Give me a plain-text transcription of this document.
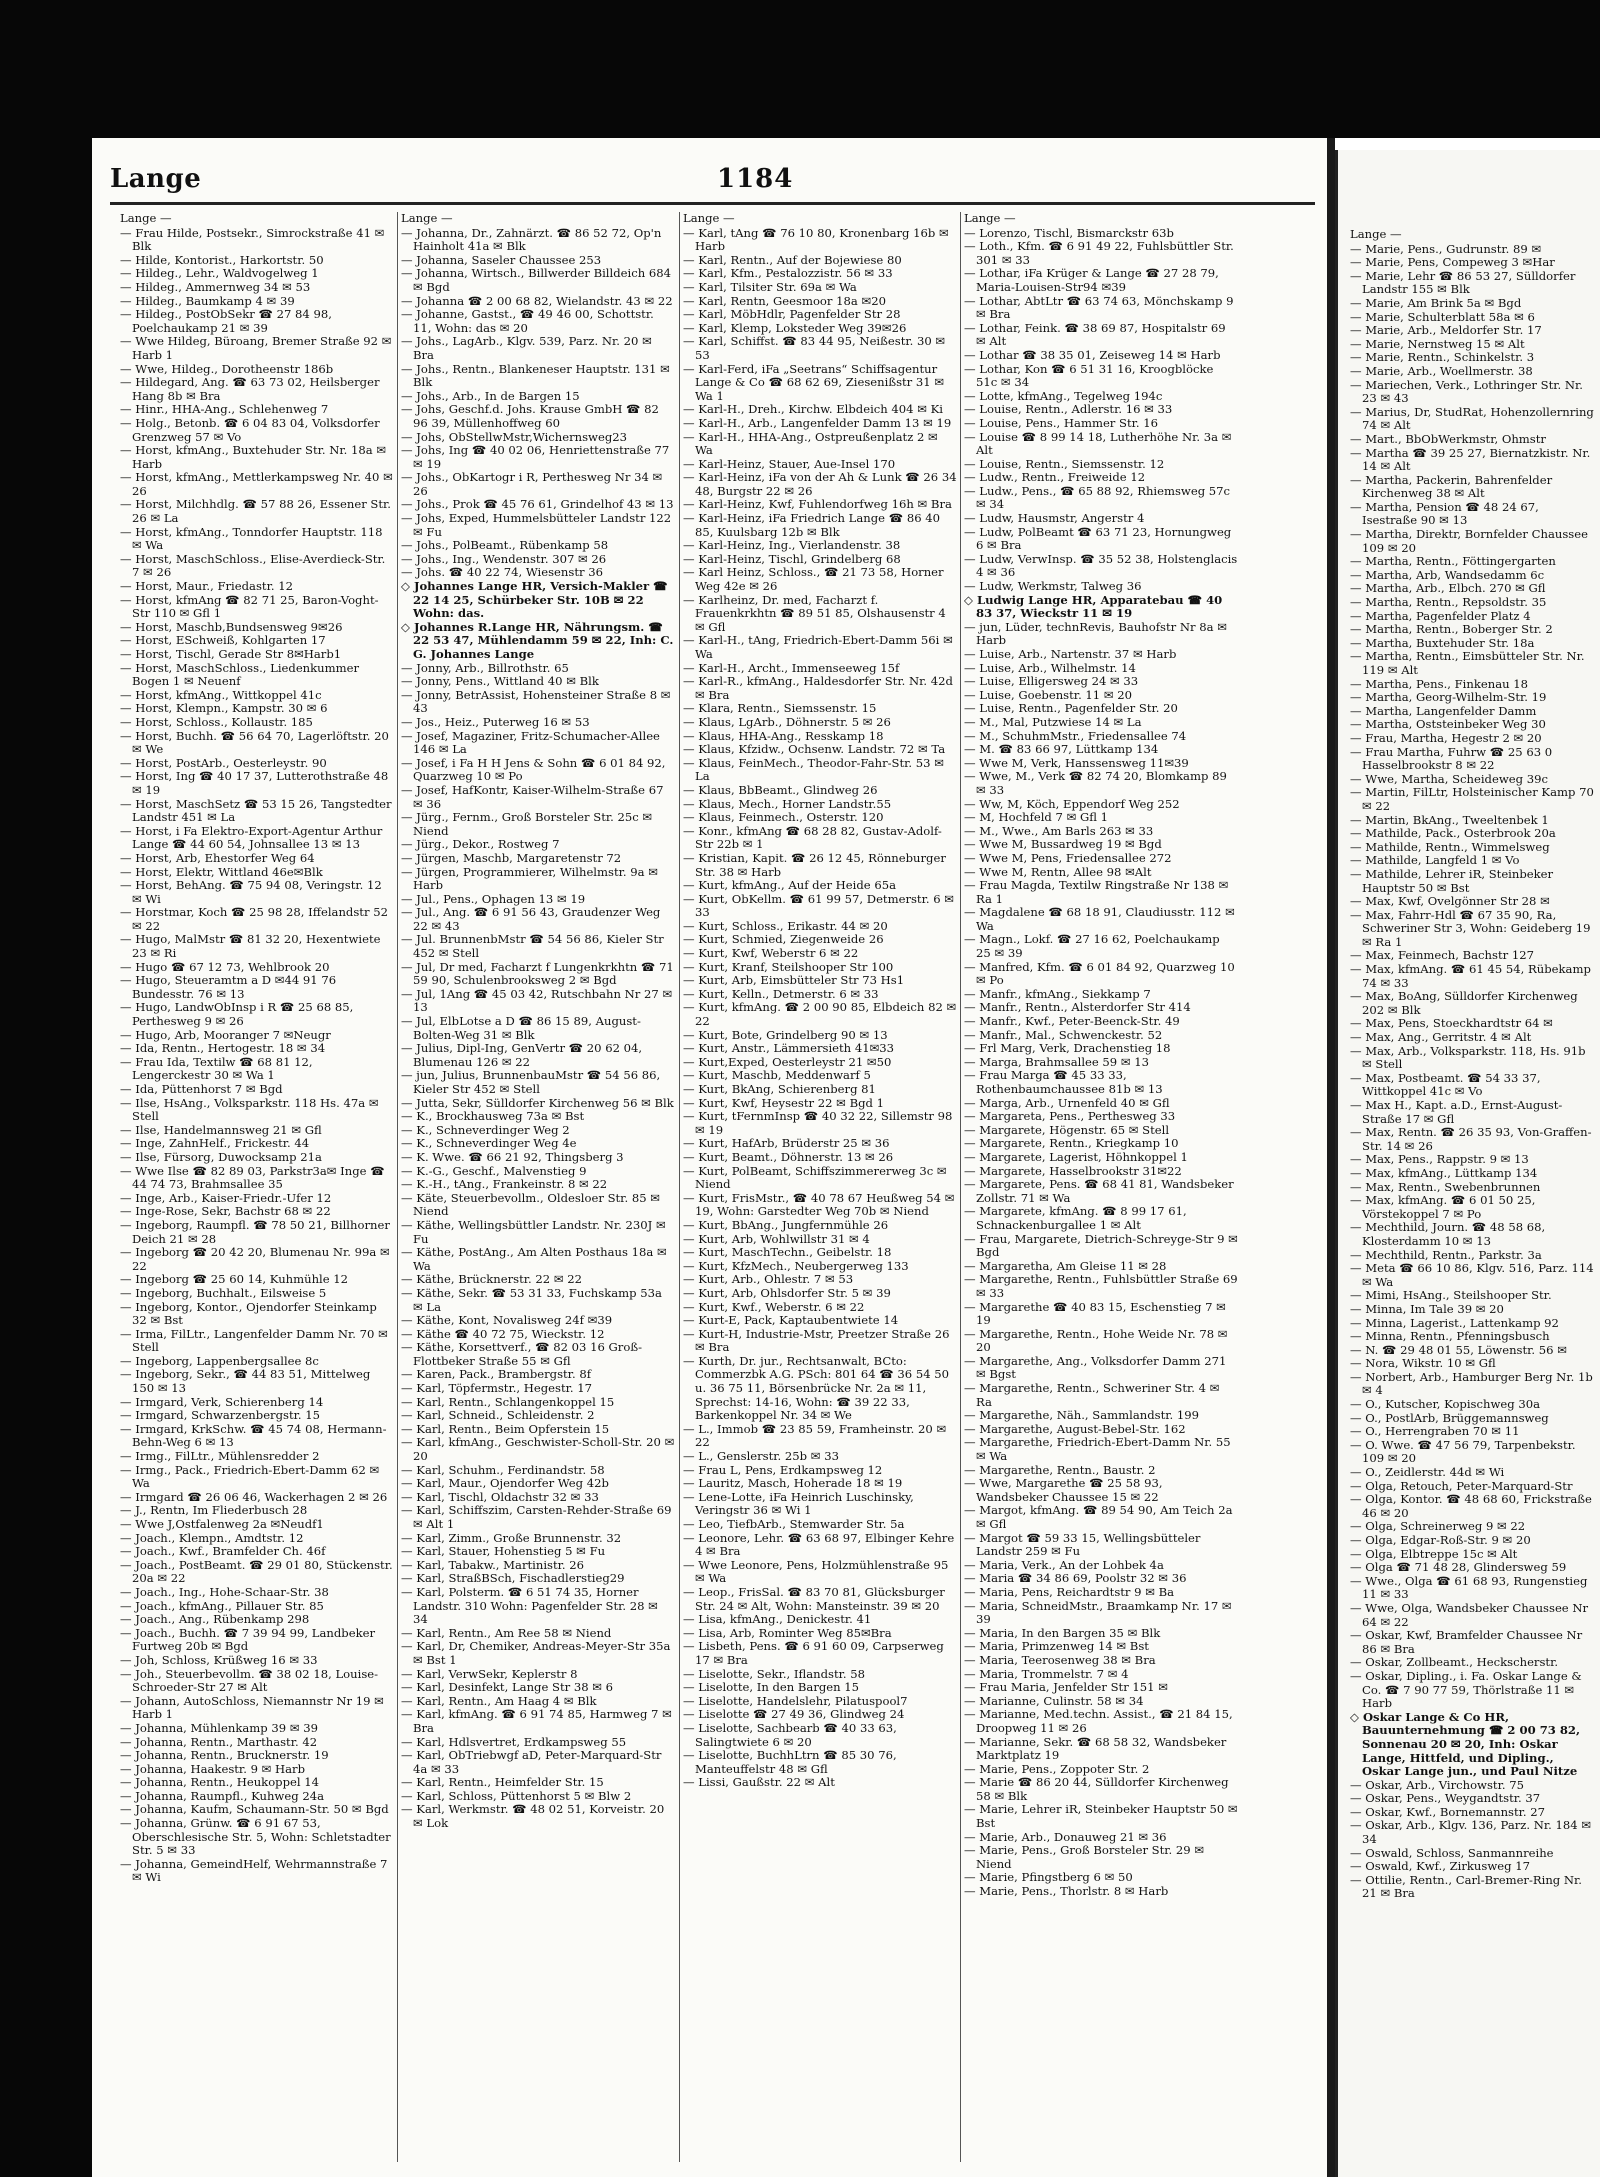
Lange	1184
Lange —

— Frau Hilde, Postsekr., Simrockstraße 41 ✉ Blk

— Hilde, Kontorist., Harkortstr. 50

— Hildeg., Lehr., Waldvogelweg 1

— Hildeg., Ammernweg 34 ✉ 53

— Hildeg., Baumkamp 4 ✉ 39

— Hildeg., PostObSekr ☎ 27 84 98, Poelchaukamp 21 ✉ 39

— Wwe Hildeg, Büroang, Bremer Straße 92 ✉ Harb 1

— Wwe, Hildeg., Dorotheenstr 186b

— Hildegard, Ang. ☎ 63 73 02, Heilsberger Hang 8b ✉ Bra

— Hinr., HHA-Ang., Schlehenweg 7

— Holg., Betonb. ☎ 6 04 83 04, Volksdorfer Grenzweg 57 ✉ Vo

— Horst, kfmAng., Buxtehuder Str. Nr. 18a ✉ Harb

— Horst, kfmAng., Mettlerkampsweg Nr. 40 ✉ 26

— Horst, Milchhdlg. ☎ 57 88 26, Essener Str. 26 ✉ La

— Horst, kfmAng., Tonndorfer Hauptstr. 118 ✉ Wa

— Horst, MaschSchloss., Elise-Averdieck-Str. 7 ✉ 26

— Horst, Maur., Friedastr. 12

— Horst, kfmAng ☎ 82 71 25, Baron-Voght-Str 110 ✉ Gfl 1

— Horst, Maschb,Bundsensweg 9✉26

— Horst, ESchweiß, Kohlgarten 17

— Horst, Tischl, Gerade Str 8✉Harb1

— Horst, MaschSchloss., Liedenkummer Bogen 1 ✉ Neuenf

— Horst, kfmAng., Wittkoppel 41c

— Horst, Klempn., Kampstr. 30 ✉ 6

— Horst, Schloss., Kollaustr. 185

— Horst, Buchh. ☎ 56 64 70, Lagerlöftstr. 20 ✉ We

— Horst, PostArb., Oesterleystr. 90

— Horst, Ing ☎ 40 17 37, Lutterothstraße 48 ✉ 19

— Horst, MaschSetz ☎ 53 15 26, Tangstedter Landstr 451 ✉ La

— Horst, i Fa Elektro-Export-Agentur Arthur Lange ☎ 44 60 54, Johnsallee 13 ✉ 13

— Horst, Arb, Ehestorfer Weg 64

— Horst, Elektr, Wittland 46e✉Blk

— Horst, BehAng. ☎ 75 94 08, Veringstr. 12 ✉ Wi

— Horstmar, Koch ☎ 25 98 28, Iffelandstr 52 ✉ 22

— Hugo, MalMstr ☎ 81 32 20, Hexentwiete 23 ✉ Ri

— Hugo ☎ 67 12 73, Wehlbrook 20

— Hugo, Steueramtm a D ✉44 91 76 Bundesstr. 76 ✉ 13

— Hugo, LandwObInsp i R ☎ 25 68 85, Perthesweg 9 ✉ 26

— Hugo, Arb, Mooranger 7 ✉Neugr

— Ida, Rentn., Hertogestr. 18 ✉ 34

— Frau Ida, Textilw ☎ 68 81 12, Lengerckestr 30 ✉ Wa 1

— Ida, Püttenhorst 7 ✉ Bgd

— Ilse, HsAng., Volksparkstr. 118 Hs. 47a ✉ Stell

— Ilse, Handelmannsweg 21 ✉ Gfl

— Inge, ZahnHelf., Frickestr. 44

— Ilse, Fürsorg, Duwocksamp 21a

— Wwe Ilse ☎ 82 89 03, Parkstr3a✉ Inge ☎ 44 74 73, Brahmsallee 35

— Inge, Arb., Kaiser-Friedr.-Ufer 12

— Inge-Rose, Sekr, Bachstr 68 ✉ 22

— Ingeborg, Raumpfl. ☎ 78 50 21, Billhorner Deich 21 ✉ 28

— Ingeborg ☎ 20 42 20, Blumenau Nr. 99a ✉ 22

— Ingeborg ☎ 25 60 14, Kuhmühle 12

— Ingeborg, Buchhalt., Eilsweise 5

— Ingeborg, Kontor., Ojendorfer Steinkamp 32 ✉ Bst

— Irma, FilLtr., Langenfelder Damm Nr. 70 ✉ Stell

— Ingeborg, Lappenbergsallee 8c

— Ingeborg, Sekr., ☎ 44 83 51, Mittelweg 150 ✉ 13

— Irmgard, Verk, Schierenberg 14

— Irmgard, Schwarzenbergstr. 15

— Irmgard, KrkSchw. ☎ 45 74 08, Hermann-Behn-Weg 6 ✉ 13

— Irmg., FilLtr., Mühlensredder 2

— Irmg., Pack., Friedrich-Ebert-Damm 62 ✉ Wa

— Irmgard ☎ 26 06 46, Wackerhagen 2 ✉ 26

— J., Rentn, Im Fliederbusch 28

— Wwe J,Ostfalenweg 2a ✉Neudf1

— Joach., Klempn., Amdtstr. 12

— Joach., Kwf., Bramfelder Ch. 46f

— Joach., PostBeamt. ☎ 29 01 80, Stückenstr. 20a ✉ 22

— Joach., Ing., Hohe-Schaar-Str. 38

— Joach., kfmAng., Pillauer Str. 85

— Joach., Ang., Rübenkamp 298

— Joach., Buchh. ☎ 7 39 94 99, Landbeker Furtweg 20b ✉ Bgd

— Joh, Schloss, Krüßweg 16 ✉ 33

— Joh., Steuerbevollm. ☎ 38 02 18, Louise-Schroeder-Str 27 ✉ Alt

— Johann, AutoSchloss, Niemannstr Nr 19 ✉ Harb 1

— Johanna, Mühlenkamp 39 ✉ 39

— Johanna, Rentn., Marthastr. 42

— Johanna, Rentn., Brucknerstr. 19

— Johanna, Haakestr. 9 ✉ Harb

— Johanna, Rentn., Heukoppel 14

— Johanna, Raumpfl., Kuhweg 24a

— Johanna, Kaufm, Schaumann-Str. 50 ✉ Bgd

— Johanna, Grünw. ☎ 6 91 67 53, Oberschlesische Str. 5, Wohn: Schletstadter Str. 5 ✉ 33

— Johanna, GemeindHelf, Wehrmannstraße 7 ✉ Wi

Lange —

— Johanna, Dr., Zahnärzt. ☎ 86 52 72, Op'n Hainholt 41a ✉ Blk

— Johanna, Saseler Chaussee 253

— Johanna, Wirtsch., Billwerder Billdeich 684 ✉ Bgd

— Johanna ☎ 2 00 68 82, Wielandstr. 43 ✉ 22

— Johanne, Gastst., ☎ 49 46 00, Schottstr. 11, Wohn: das ✉ 20

— Johs., LagArb., Klgv. 539, Parz. Nr. 20 ✉ Bra

— Johs., Rentn., Blankeneser Hauptstr. 131 ✉ Blk

— Johs., Arb., In de Bargen 15

— Johs, Geschf.d. Johs. Krause GmbH ☎ 82 96 39, Müllenhoffweg 60

— Johs, ObStellwMstr,Wichernsweg23

— Johs, Ing ☎ 40 02 06, Henriettenstraße 77 ✉ 19

— Johs., ObKartogr i R, Perthesweg Nr 34 ✉ 26

— Johs., Prok ☎ 45 76 61, Grindelhof 43 ✉ 13

— Johs, Exped, Hummelsbütteler Landstr 122 ✉ Fu

— Johs., PolBeamt., Rübenkamp 58

— Johs., Ing., Wendenstr. 307 ✉ 26

— Johs. ☎ 40 22 74, Wiesenstr 36

◇ Johannes Lange HR, Versich-Makler ☎ 22 14 25, Schürbeker Str. 10B ✉ 22 Wohn: das.

◇ Johannes R.Lange HR, Nährungsm. ☎ 22 53 47, Mühlendamm 59 ✉ 22, Inh: C. G. Johannes Lange

— Jonny, Arb., Billrothstr. 65

— Jonny, Pens., Wittland 40 ✉ Blk

— Jonny, BetrAssist, Hohensteiner Straße 8 ✉ 43

— Jos., Heiz., Puterweg 16 ✉ 53

— Josef, Magaziner, Fritz-Schumacher-Allee 146 ✉ La

— Josef, i Fa H H Jens & Sohn ☎ 6 01 84 92, Quarzweg 10 ✉ Po

— Josef, HafKontr, Kaiser-Wilhelm-Straße 67 ✉ 36

— Jürg., Fernm., Groß Borsteler Str. 25c ✉ Niend

— Jürg., Dekor., Rostweg 7

— Jürgen, Maschb, Margaretenstr 72

— Jürgen, Programmierer, Wilhelmstr. 9a ✉ Harb

— Jul., Pens., Ophagen 13 ✉ 19

— Jul., Ang. ☎ 6 91 56 43, Graudenzer Weg 22 ✉ 43

— Jul. BrunnenbMstr ☎ 54 56 86, Kieler Str 452 ✉ Stell

— Jul, Dr med, Facharzt f Lungenkrkhtn ☎ 71 59 90, Schulenbrooksweg 2 ✉ Bgd

— Jul, 1Ang ☎ 45 03 42, Rutschbahn Nr 27 ✉ 13

— Jul, ElbLotse a D ☎ 86 15 89, August-Bolten-Weg 31 ✉ Blk

— Julius, Dipl-Ing, GenVertr ☎ 20 62 04, Blumenau 126 ✉ 22

— jun, Julius, BrunnenbauMstr ☎ 54 56 86, Kieler Str 452 ✉ Stell

— Jutta, Sekr, Sülldorfer Kirchenweg 56 ✉ Blk

— K., Brockhausweg 73a ✉ Bst

— K., Schneverdinger Weg 2

— K., Schneverdinger Weg 4e

— K. Wwe. ☎ 66 21 92, Thingsberg 3

— K.-G., Geschf., Malvenstieg 9

— K.-H., tAng., Frankeinstr. 8 ✉ 22

— Käte, Steuerbevollm., Oldesloer Str. 85 ✉ Niend

— Käthe, Wellingsbüttler Landstr. Nr. 230J ✉ Fu

— Käthe, PostAng., Am Alten Posthaus 18a ✉ Wa

— Käthe, Brücknerstr. 22 ✉ 22

— Käthe, Sekr. ☎ 53 31 33, Fuchskamp 53a ✉ La

— Käthe, Kont, Novalisweg 24f ✉39

— Käthe ☎ 40 72 75, Wieckstr. 12

— Käthe, Korsettverf., ☎ 82 03 16 Groß-Flottbeker Straße 55 ✉ Gfl

— Karen, Pack., Brambergstr. 8f

— Karl, Töpfermstr., Hegestr. 17

— Karl, Rentn., Schlangenkoppel 15

— Karl, Schneid., Schleidenstr. 2

— Karl, Rentn., Beim Opferstein 15

— Karl, kfmAng., Geschwister-Scholl-Str. 20 ✉ 20

— Karl, Schuhm., Ferdinandstr. 58

— Karl, Maur., Ojendorfer Weg 42b

— Karl, Tischl, Oldachstr 32 ✉ 33

— Karl, Schiffszim, Carsten-Rehder-Straße 69 ✉ Alt 1

— Karl, Zimm., Große Brunnenstr. 32

— Karl, Stauer, Hohenstieg 5 ✉ Fu

— Karl, Tabakw., Martinistr. 26

— Karl, StraßBSch, Fischadlerstieg29

— Karl, Polsterm. ☎ 6 51 74 35, Horner Landstr. 310 Wohn: Pagenfelder Str. 28 ✉ 34

— Karl, Rentn., Am Ree 58 ✉ Niend

— Karl, Dr, Chemiker, Andreas-Meyer-Str 35a ✉ Bst 1

— Karl, VerwSekr, Keplerstr 8

— Karl, Desinfekt, Lange Str 38 ✉ 6

— Karl, Rentn., Am Haag 4 ✉ Blk

— Karl, kfmAng. ☎ 6 91 74 85, Harmweg 7 ✉ Bra

— Karl, Hdlsvertret, Erdkampsweg 55

— Karl, ObTriebwgf aD, Peter-Marquard-Str 4a ✉ 33

— Karl, Rentn., Heimfelder Str. 15

— Karl, Schloss, Püttenhorst 5 ✉ Blw 2

— Karl, Werkmstr. ☎ 48 02 51, Korveistr. 20 ✉ Lok

Lange —

— Karl, tAng ☎ 76 10 80, Kronenbarg 16b ✉ Harb

— Karl, Rentn., Auf der Bojewiese 80

— Karl, Kfm., Pestalozzistr. 56 ✉ 33

— Karl, Tilsiter Str. 69a ✉ Wa

— Karl, Rentn, Geesmoor 18a ✉20

— Karl, MöbHdlr, Pagenfelder Str 28

— Karl, Klemp, Loksteder Weg 39✉26

— Karl, Schiffst. ☎ 83 44 95, Neißestr. 30 ✉ 53

— Karl-Ferd, iFa „Seetrans“ Schiffsagentur Lange & Co ☎ 68 62 69, Ziesenißstr 31 ✉ Wa 1

— Karl-H., Dreh., Kirchw. Elbdeich 404 ✉ Ki

— Karl-H., Arb., Langenfelder Damm 13 ✉ 19

— Karl-H., HHA-Ang., Ostpreußenplatz 2 ✉ Wa

— Karl-Heinz, Stauer, Aue-Insel 170

— Karl-Heinz, iFa von der Ah & Lunk ☎ 26 34 48, Burgstr 22 ✉ 26

— Karl-Heinz, Kwf, Fuhlendorfweg 16h ✉ Bra

— Karl-Heinz, iFa Friedrich Lange ☎ 86 40 85, Kuulsbarg 12b ✉ Blk

— Karl-Heinz, Ing., Vierlandenstr. 38

— Karl-Heinz, Tischl, Grindelberg 68

— Karl Heinz, Schloss., ☎ 21 73 58, Horner Weg 42e ✉ 26

— Karlheinz, Dr. med, Facharzt f. Frauenkrkhtn ☎ 89 51 85, Olshausenstr 4 ✉ Gfl

— Karl-H., tAng, Friedrich-Ebert-Damm 56i ✉ Wa

— Karl-H., Archt., Immenseeweg 15f

— Karl-R., kfmAng., Haldesdorfer Str. Nr. 42d ✉ Bra

— Klara, Rentn., Siemssenstr. 15

— Klaus, LgArb., Döhnerstr. 5 ✉ 26

— Klaus, HHA-Ang., Resskamp 18

— Klaus, Kfzidw., Ochsenw. Landstr. 72 ✉ Ta

— Klaus, FeinMech., Theodor-Fahr-Str. 53 ✉ La

— Klaus, BbBeamt., Glindweg 26

— Klaus, Mech., Horner Landstr.55

— Klaus, Feinmech., Osterstr. 120

— Konr., kfmAng ☎ 68 28 82, Gustav-Adolf-Str 22b ✉ 1

— Kristian, Kapit. ☎ 26 12 45, Rönneburger Str. 38 ✉ Harb

— Kurt, kfmAng., Auf der Heide 65a

— Kurt, ObKellm. ☎ 61 99 57, Detmerstr. 6 ✉ 33

— Kurt, Schloss., Erikastr. 44 ✉ 20

— Kurt, Schmied, Ziegenweide 26

— Kurt, Kwf, Weberstr 6 ✉ 22

— Kurt, Kranf, Steilshooper Str 100

— Kurt, Arb, Eimsbütteler Str 73 Hs1

— Kurt, Kelln., Detmerstr. 6 ✉ 33

— Kurt, kfmAng. ☎ 2 00 90 85, Elbdeich 82 ✉ 22

— Kurt, Bote, Grindelberg 90 ✉ 13

— Kurt, Anstr., Lämmersieth 41✉33

— Kurt,Exped, Oesterleystr 21 ✉50

— Kurt, Maschb, Meddenwarf 5

— Kurt, BkAng, Schierenberg 81

— Kurt, Kwf, Heysestr 22 ✉ Bgd 1

— Kurt, tFernmInsp ☎ 40 32 22, Sillemstr 98 ✉ 19

— Kurt, HafArb, Brüderstr 25 ✉ 36

— Kurt, Beamt., Döhnerstr. 13 ✉ 26

— Kurt, PolBeamt, Schiffszimmererweg 3c ✉ Niend

— Kurt, FrisMstr., ☎ 40 78 67 Heußweg 54 ✉ 19, Wohn: Garstedter Weg 70b ✉ Niend

— Kurt, BbAng., Jungfernmühle 26

— Kurt, Arb, Wohlwillstr 31 ✉ 4

— Kurt, MaschTechn., Geibelstr. 18

— Kurt, KfzMech., Neubergerweg 133

— Kurt, Arb., Ohlestr. 7 ✉ 53

— Kurt, Arb, Ohlsdorfer Str. 5 ✉ 39

— Kurt, Kwf., Weberstr. 6 ✉ 22

— Kurt-E, Pack, Kaptaubentwiete 14

— Kurt-H, Industrie-Mstr, Preetzer Straße 26 ✉ Bra

— Kurth, Dr. jur., Rechtsanwalt, BCto: Commerzbk A.G. PSch: 801 64 ☎ 36 54 50 u. 36 75 11, Börsenbrücke Nr. 2a ✉ 11, Sprechst: 14-16, Wohn: ☎ 39 22 33, Barkenkoppel Nr. 34 ✉ We

— L., Immob ☎ 23 85 59, Framheinstr. 20 ✉ 22

— L., Genslerstr. 25b ✉ 33

— Frau L, Pens, Erdkampsweg 12

— Lauritz, Masch, Hoherade 18 ✉ 19

— Lene-Lotte, iFa Heinrich Luschinsky, Veringstr 36 ✉ Wi 1

— Leo, TiefbArb., Stemwarder Str. 5a

— Leonore, Lehr. ☎ 63 68 97, Elbinger Kehre 4 ✉ Bra

— Wwe Leonore, Pens, Holzmühlenstraße 95 ✉ Wa

— Leop., FrisSal. ☎ 83 70 81, Glücksburger Str. 24 ✉ Alt, Wohn: Mansteinstr. 39 ✉ 20

— Lisa, kfmAng., Denickestr. 41

— Lisa, Arb, Rominter Weg 85✉Bra

— Lisbeth, Pens. ☎ 6 91 60 09, Carpserweg 17 ✉ Bra

— Liselotte, Sekr., Iflandstr. 58

— Liselotte, In den Bargen 15

— Liselotte, Handelslehr, Pilatuspool7

— Liselotte ☎ 27 49 36, Glindweg 24

— Liselotte, Sachbearb ☎ 40 33 63, Salingtwiete 6 ✉ 20

— Liselotte, BuchhLtrn ☎ 85 30 76, Manteuffelstr 48 ✉ Gfl

— Lissi, Gaußstr. 22 ✉ Alt

Lange —

— Lorenzo, Tischl, Bismarckstr 63b

— Loth., Kfm. ☎ 6 91 49 22, Fuhlsbüttler Str. 301 ✉ 33

— Lothar, iFa Krüger & Lange ☎ 27 28 79, Maria-Louisen-Str94 ✉39

— Lothar, AbtLtr ☎ 63 74 63, Mönchskamp 9 ✉ Bra

— Lothar, Feink. ☎ 38 69 87, Hospitalstr 69 ✉ Alt

— Lothar ☎ 38 35 01, Zeiseweg 14 ✉ Harb

— Lothar, Kon ☎ 6 51 31 16, Kroogblöcke 51c ✉ 34

— Lotte, kfmAng., Tegelweg 194c

— Louise, Rentn., Adlerstr. 16 ✉ 33

— Louise, Pens., Hammer Str. 16

— Louise ☎ 8 99 14 18, Lutherhöhe Nr. 3a ✉ Alt

— Louise, Rentn., Siemssenstr. 12

— Ludw., Rentn., Freiweide 12

— Ludw., Pens., ☎ 65 88 92, Rhiemsweg 57c ✉ 34

— Ludw, Hausmstr, Angerstr 4

— Ludw, PolBeamt ☎ 63 71 23, Hornungweg 6 ✉ Bra

— Ludw, VerwInsp. ☎ 35 52 38, Holstenglacis 4 ✉ 36

— Ludw, Werkmstr, Talweg 36

◇ Ludwig Lange HR, Apparatebau ☎ 40 83 37, Wieckstr 11 ✉ 19

— jun, Lüder, technRevis, Bauhofstr Nr 8a ✉ Harb

— Luise, Arb., Nartenstr. 37 ✉ Harb

— Luise, Arb., Wilhelmstr. 14

— Luise, Elligersweg 24 ✉ 33

— Luise, Goebenstr. 11 ✉ 20

— Luise, Rentn., Pagenfelder Str. 20

— M., Mal, Putzwiese 14 ✉ La

— M., SchuhmMstr., Friedensallee 74

— M. ☎ 83 66 97, Lüttkamp 134

— Wwe M, Verk, Hanssensweg 11✉39

— Wwe, M., Verk ☎ 82 74 20, Blomkamp 89 ✉ 33

— Ww, M, Köch, Eppendorf Weg 252

— M, Hochfeld 7 ✉ Gfl 1

— M., Wwe., Am Barls 263 ✉ 33

— Wwe M, Bussardweg 19 ✉ Bgd

— Wwe M, Pens, Friedensallee 272

— Wwe M, Rentn, Allee 98 ✉Alt

— Frau Magda, Textilw Ringstraße Nr 138 ✉ Ra 1

— Magdalene ☎ 68 18 91, Claudiusstr. 112 ✉ Wa

— Magn., Lokf. ☎ 27 16 62, Poelchaukamp 25 ✉ 39

— Manfred, Kfm. ☎ 6 01 84 92, Quarzweg 10 ✉ Po

— Manfr., kfmAng., Siekkamp 7

— Manfr., Rentn., Alsterdorfer Str 414

— Manfr., Kwf., Peter-Beenck-Str. 49

— Manfr., Mal., Schwenckestr. 52

— Frl Marg, Verk, Drachenstieg 18

— Marga, Brahmsallee 59 ✉ 13

— Frau Marga ☎ 45 33 33, Rothenbaumchaussee 81b ✉ 13

— Marga, Arb., Urnenfeld 40 ✉ Gfl

— Margareta, Pens., Perthesweg 33

— Margarete, Högenstr. 65 ✉ Stell

— Margarete, Rentn., Kriegkamp 10

— Margarete, Lagerist, Höhnkoppel 1

— Margarete, Hasselbrookstr 31✉22

— Margarete, Pens. ☎ 68 41 81, Wandsbeker Zollstr. 71 ✉ Wa

— Margarete, kfmAng. ☎ 8 99 17 61, Schnackenburgallee 1 ✉ Alt

— Frau, Margarete, Dietrich-Schreyge-Str 9 ✉ Bgd

— Margaretha, Am Gleise 11 ✉ 28

— Margarethe, Rentn., Fuhlsbüttler Straße 69 ✉ 33

— Margarethe ☎ 40 83 15, Eschenstieg 7 ✉ 19

— Margarethe, Rentn., Hohe Weide Nr. 78 ✉ 20

— Margarethe, Ang., Volksdorfer Damm 271 ✉ Bgst

— Margarethe, Rentn., Schweriner Str. 4 ✉ Ra

— Margarethe, Näh., Sammlandstr. 199

— Margarethe, August-Bebel-Str. 162

— Margarethe, Friedrich-Ebert-Damm Nr. 55 ✉ Wa

— Margarethe, Rentn., Baustr. 2

— Wwe, Margarethe ☎ 25 58 93, Wandsbeker Chaussee 15 ✉ 22

— Margot, kfmAng. ☎ 89 54 90, Am Teich 2a ✉ Gfl

— Margot ☎ 59 33 15, Wellingsbütteler Landstr 259 ✉ Fu

— Maria, Verk., An der Lohbek 4a

— Maria ☎ 34 86 69, Poolstr 32 ✉ 36

— Maria, Pens, Reichardtstr 9 ✉ Ba

— Maria, SchneidMstr., Braamkamp Nr. 17 ✉ 39

— Maria, In den Bargen 35 ✉ Blk

— Maria, Primzenweg 14 ✉ Bst

— Maria, Teerosenweg 38 ✉ Bra

— Maria, Trommelstr. 7 ✉ 4

— Frau Maria, Jenfelder Str 151 ✉

— Marianne, Culinstr. 58 ✉ 34

— Marianne, Med.techn. Assist., ☎ 21 84 15, Droopweg 11 ✉ 26

— Marianne, Sekr. ☎ 68 58 32, Wandsbeker Marktplatz 19

— Marie, Pens., Zoppoter Str. 2

— Marie ☎ 86 20 44, Sülldorfer Kirchenweg 58 ✉ Blk

— Marie, Lehrer iR, Steinbeker Hauptstr 50 ✉ Bst

— Marie, Arb., Donauweg 21 ✉ 36

— Marie, Pens., Groß Borsteler Str. 29 ✉ Niend

— Marie, Pfingstberg 6 ✉ 50

— Marie, Pens., Thorlstr. 8 ✉ Harb

Lange —

— Marie, Pens., Gudrunstr. 89 ✉

— Marie, Pens, Compeweg 3 ✉Har

— Marie, Lehr ☎ 86 53 27, Sülldorfer Landstr 155 ✉ Blk

— Marie, Am Brink 5a ✉ Bgd

— Marie, Schulterblatt 58a ✉ 6

— Marie, Arb., Meldorfer Str. 17

— Marie, Nernstweg 15 ✉ Alt

— Marie, Rentn., Schinkelstr. 3

— Marie, Arb., Woellmerstr. 38

— Mariechen, Verk., Lothringer Str. Nr. 23 ✉ 43

— Marius, Dr, StudRat, Hohenzollernring 74 ✉ Alt

— Mart., BbObWerkmstr, Ohmstr

— Martha ☎ 39 25 27, Biernatzkistr. Nr. 14 ✉ Alt

— Martha, Packerin, Bahrenfelder Kirchenweg 38 ✉ Alt

— Martha, Pension ☎ 48 24 67, Isestraße 90 ✉ 13

— Martha, Direktr, Bornfelder Chaussee 109 ✉ 20

— Martha, Rentn., Föttingergarten

— Martha, Arb, Wandsedamm 6c

— Martha, Arb., Elbch. 270 ✉ Gfl

— Martha, Rentn., Repsoldstr. 35

— Martha, Pagenfelder Platz 4

— Martha, Rentn., Boberger Str. 2

— Martha, Buxtehuder Str. 18a

— Martha, Rentn., Eimsbütteler Str. Nr. 119 ✉ Alt

— Martha, Pens., Finkenau 18

— Martha, Georg-Wilhelm-Str. 19

— Martha, Langenfelder Damm

— Martha, Oststeinbeker Weg 30

— Frau, Martha, Hegestr 2 ✉ 20

— Frau Martha, Fuhrw ☎ 25 63 0 Hasselbrookstr 8 ✉ 22

— Wwe, Martha, Scheideweg 39c

— Martin, FilLtr, Holsteinischer Kamp 70 ✉ 22

— Martin, BkAng., Tweeltenbek 1

— Mathilde, Pack., Osterbrook 20a

— Mathilde, Rentn., Wimmelsweg

— Mathilde, Langfeld 1 ✉ Vo

— Mathilde, Lehrer iR, Steinbeker Hauptstr 50 ✉ Bst

— Max, Kwf, Ovelgönner Str 28 ✉

— Max, Fahrr-Hdl ☎ 67 35 90, Ra, Schweriner Str 3, Wohn: Geideberg 19 ✉ Ra 1

— Max, Feinmech, Bachstr 127

— Max, kfmAng. ☎ 61 45 54, Rübekamp 74 ✉ 33

— Max, BoAng, Sülldorfer Kirchenweg 202 ✉ Blk

— Max, Pens, Stoeckhardtstr 64 ✉

— Max, Ang., Gerritstr. 4 ✉ Alt

— Max, Arb., Volksparkstr. 118, Hs. 91b ✉ Stell

— Max, Postbeamt. ☎ 54 33 37, Wittkoppel 41c ✉ Vo

— Max H., Kapt. a.D., Ernst-August-Straße 17 ✉ Gfl

— Max, Rentn. ☎ 26 35 93, Von-Graffen-Str. 14 ✉ 26

— Max, Pens., Rappstr. 9 ✉ 13

— Max, kfmAng., Lüttkamp 134

— Max, Rentn., Swebenbrunnen

— Max, kfmAng. ☎ 6 01 50 25, Vörstekoppel 7 ✉ Po

— Mechthild, Journ. ☎ 48 58 68, Klosterdamm 10 ✉ 13

— Mechthild, Rentn., Parkstr. 3a

— Meta ☎ 66 10 86, Klgv. 516, Parz. 114 ✉ Wa

— Mimi, HsAng., Steilshooper Str.

— Minna, Im Tale 39 ✉ 20

— Minna, Lagerist., Lattenkamp 92

— Minna, Rentn., Pfenningsbusch

— N. ☎ 29 48 01 55, Löwenstr. 56 ✉

— Nora, Wikstr. 10 ✉ Gfl

— Norbert, Arb., Hamburger Berg Nr. 1b ✉ 4

— O., Kutscher, Kopischweg 30a

— O., PostlArb, Brüggemannsweg

— O., Herrengraben 70 ✉ 11

— O. Wwe. ☎ 47 56 79, Tarpenbekstr. 109 ✉ 20

— O., Zeidlerstr. 44d ✉ Wi

— Olga, Retouch, Peter-Marquard-Str

— Olga, Kontor. ☎ 48 68 60, Frickstraße 46 ✉ 20

— Olga, Schreinerweg 9 ✉ 22

— Olga, Edgar-Roß-Str. 9 ✉ 20

— Olga, Elbtreppe 15c ✉ Alt

— Olga ☎ 71 48 28, Glindersweg 59

— Wwe., Olga ☎ 61 68 93, Rungenstieg 11 ✉ 33

— Wwe, Olga, Wandsbeker Chaussee Nr 64 ✉ 22

— Oskar, Kwf, Bramfelder Chaussee Nr 86 ✉ Bra

— Oskar, Zollbeamt., Heckscherstr.

— Oskar, Dipling., i. Fa. Oskar Lange & Co. ☎ 7 90 77 59, Thörlstraße 11 ✉ Harb

◇ Oskar Lange & Co HR, Bauunternehmung ☎ 2 00 73 82, Sonnenau 20 ✉ 20, Inh: Oskar Lange, Hittfeld, und Dipling., Oskar Lange jun., und Paul Nitze

— Oskar, Arb., Virchowstr. 75

— Oskar, Pens., Weygandtstr. 37

— Oskar, Kwf., Bornemannstr. 27

— Oskar, Arb., Klgv. 136, Parz. Nr. 184 ✉ 34

— Oswald, Schloss, Sanmannreihe

— Oswald, Kwf., Zirkusweg 17

— Ottilie, Rentn., Carl-Bremer-Ring Nr. 21 ✉ Bra
